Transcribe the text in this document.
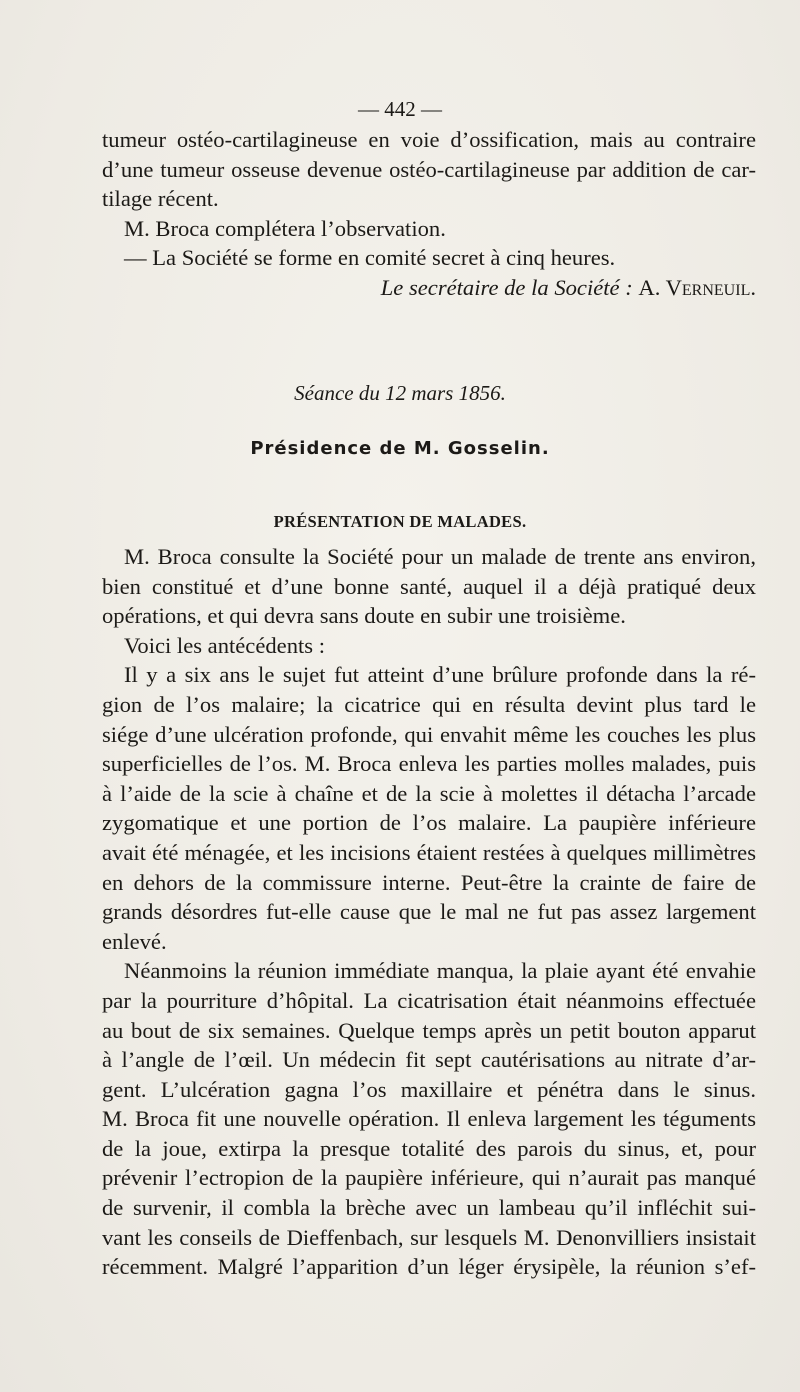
— 442 —
tumeur ostéo-cartilagineuse en voie d’ossification, mais au contraire
d’une tumeur osseuse devenue ostéo-cartilagineuse par addition de car-
tilage récent.
M. Broca complétera l’observation.
— La Société se forme en comité secret à cinq heures.
Le secrétaire de la Société : A. Verneuil.
Séance du 12 mars 1856.
Présidence de M. Gosselin.
PRÉSENTATION DE MALADES.
M. Broca consulte la Société pour un malade de trente ans environ,
bien constitué et d’une bonne santé, auquel il a déjà pratiqué deux
opérations, et qui devra sans doute en subir une troisième.
Voici les antécédents :
Il y a six ans le sujet fut atteint d’une brûlure profonde dans la ré-
gion de l’os malaire; la cicatrice qui en résulta devint plus tard le
siége d’une ulcération profonde, qui envahit même les couches les plus
superficielles de l’os. M. Broca enleva les parties molles malades, puis
à l’aide de la scie à chaîne et de la scie à molettes il détacha l’arcade
zygomatique et une portion de l’os malaire. La paupière inférieure
avait été ménagée, et les incisions étaient restées à quelques millimètres
en dehors de la commissure interne. Peut-être la crainte de faire de
grands désordres fut-elle cause que le mal ne fut pas assez largement
enlevé.
Néanmoins la réunion immédiate manqua, la plaie ayant été envahie
par la pourriture d’hôpital. La cicatrisation était néanmoins effectuée
au bout de six semaines. Quelque temps après un petit bouton apparut
à l’angle de l’œil. Un médecin fit sept cautérisations au nitrate d’ar-
gent. L’ulcération gagna l’os maxillaire et pénétra dans le sinus.
M. Broca fit une nouvelle opération. Il enleva largement les téguments
de la joue, extirpa la presque totalité des parois du sinus, et, pour
prévenir l’ectropion de la paupière inférieure, qui n’aurait pas manqué
de survenir, il combla la brèche avec un lambeau qu’il infléchit sui-
vant les conseils de Dieffenbach, sur lesquels M. Denonvilliers insistait
récemment. Malgré l’apparition d’un léger érysipèle, la réunion s’ef-
